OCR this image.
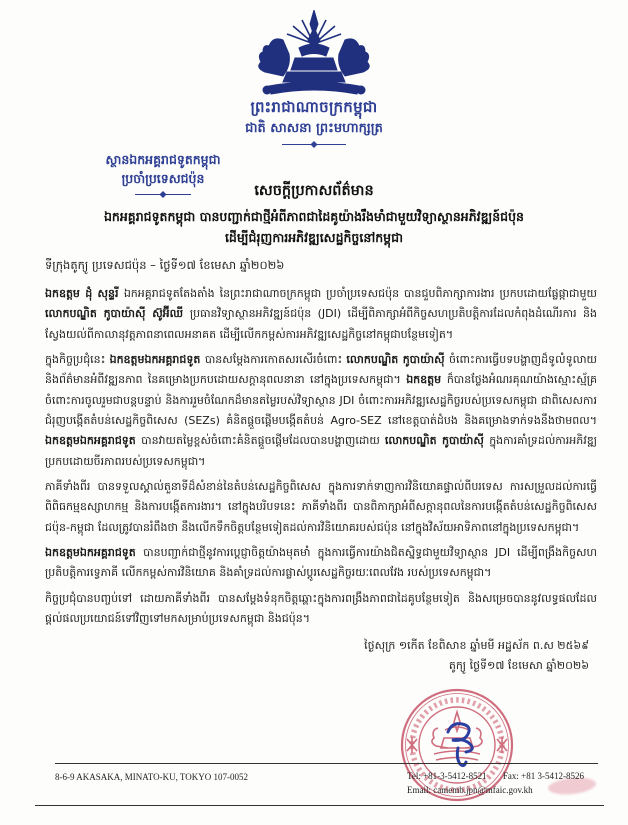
ព្រះរាជាណាចក្រកម្ពុជា
ជាតិ សាសនា ព្រះមហាក្សត្រ
ស្ថានឯកអគ្គរាជទូតកម្ពុជា
ប្រចាំប្រទេសជប៉ុន
សេចក្តីប្រកាសព័ត៌មាន
ឯកអគ្គរាជទូតកម្ពុជា បានបញ្ជាក់ជាថ្មីអំពីភាពជាដៃគូយ៉ាងរឹងមាំជាមួយវិទ្យាស្ថានអភិវឌ្ឍន៍ជប៉ុន
ដើម្បីជំរុញការអភិវឌ្ឍសេដ្ឋកិច្ចនៅកម្ពុជា
ទីក្រុងតូក្យូ ប្រទេសជប៉ុន – ថ្ងៃទី១៧ ខែមេសា ឆ្នាំ២០២៦

ឯកឧត្តម ដុំ សុន្ទរី ឯកអគ្គរាជទូតតែងតាំង នៃព្រះរាជាណាចក្រកម្ពុជា ប្រចាំប្រទេសជប៉ុន បានជួបពិភាក្សាការងារ ប្រកបដោយផ្លែផ្កាជាមួយ លោកបណ្ឌិត កូបាយ៉ាស៊ី ស៊ូអ៊ីឈី ប្រធានវិទ្យាស្ថានអភិវឌ្ឍន៍ជប៉ុន (JDI) ដើម្បីពិភាក្សាអំពីកិច្ចសហប្រតិបត្តិការដែលកំពុងដំណើរការ និងស្វែងយល់ពីកាលានុវត្តភាពនាពេលអនាគត ដើម្បីលើកកម្ពស់ការអភិវឌ្ឍសេដ្ឋកិច្ចនៅកម្ពុជាបន្ថែមទៀត។

ក្នុងកិច្ចប្រជុំនេះ ឯកឧត្តមឯកអគ្គរាជទូត បានសម្តែងការកោតសរសើរចំពោះ លោកបណ្ឌិត កូបាយ៉ាស៊ី ចំពោះការធ្វើបទបង្ហាញដ៏ទូលំទូលាយ និងព័ត៌មានអំពីវឌ្ឍនភាព នៃគម្រោងប្រកបដោយសក្តានុពលនានា នៅក្នុងប្រទេសកម្ពុជា។ ឯកឧត្តម ក៏បានថ្លែងអំណរគុណយ៉ាងស្មោះស្ម័គ្រចំពោះការចូលរួមជាបន្តបន្ទាប់ និងការរួមចំណែកដ៏មានតម្លៃរបស់វិទ្យាស្ថាន JDI ចំពោះការអភិវឌ្ឍសេដ្ឋកិច្ចរបស់ប្រទេសកម្ពុជា ជាពិសេសការជំរុញបង្កើតតំបន់សេដ្ឋកិច្ចពិសេស (SEZs) គំនិតផ្តួចផ្តើមបង្កើតតំបន់ Agro-SEZ នៅខេត្តបាត់ដំបង និងគម្រោងទាក់ទងនឹងថាមពល។ ឯកឧត្តមឯកអគ្គរាជទូត បានវាយតម្លៃខ្ពស់ចំពោះគំនិតផ្តួចផ្តើមដែលបានបង្ហាញដោយ លោកបណ្ឌិត កូបាយ៉ាស៊ី ក្នុងការគាំទ្រដល់ការអភិវឌ្ឍប្រកបដោយចីរភាពរបស់ប្រទេសកម្ពុជា។

ភាគីទាំងពីរ បានទទួលស្គាល់តួនាទីដ៏សំខាន់នៃតំបន់សេដ្ឋកិច្ចពិសេស ក្នុងការទាក់ទាញការវិនិយោគផ្ទាល់ពីបរទេស ការសម្រួលដល់ការធ្វើពិពិធកម្មឧស្សាហកម្ម និងការបង្កើតការងារ។ នៅក្នុងបរិបទនេះ ភាគីទាំងពីរ បានពិភាក្សាអំពីសក្តានុពលនៃការបង្កើតតំបន់សេដ្ឋកិច្ចពិសេសជប៉ុន-កម្ពុជា ដែលត្រូវបានរំពឹងថា នឹងលើកទឹកចិត្តបន្ថែមទៀតដល់ការវិនិយោគរបស់ជប៉ុន នៅក្នុងវិស័យអាទិភាពនៅក្នុងប្រទេសកម្ពុជា។

ឯកឧត្តមឯកអគ្គរាជទូត បានបញ្ជាក់ជាថ្មីនូវការប្តេជ្ញាចិត្តយ៉ាងមុតមាំ ក្នុងការធ្វើការយ៉ាងជិតស្និទ្ធជាមួយវិទ្យាស្ថាន JDI ដើម្បីពង្រឹងកិច្ចសហប្រតិបត្តិការទ្វេភាគី លើកកម្ពស់ការវិនិយោគ និងគាំទ្រដល់ការផ្លាស់ប្តូរសេដ្ឋកិច្ចរយៈពេលវែង របស់ប្រទេសកម្ពុជា។

កិច្ចប្រជុំបានបញ្ចប់ទៅ ដោយភាគីទាំងពីរ បានសម្តែងទំនុកចិត្តឆ្ពោះក្នុងការពង្រឹងភាពជាដៃគូបន្ថែមទៀត និងសម្រេចបាននូវលទ្ធផលដែលផ្តល់ផលប្រយោជន៍ទៅវិញទៅមកសម្រាប់ប្រទេសកម្ពុជា និងជប៉ុន។

ថ្ងៃសុក្រ ១កើត ខែពិសាខ ឆ្នាំមមី អដ្ឋស័ក ព.ស ២៥៦៩
តូក្យូ ថ្ងៃទី១៧ ខែមេសា ឆ្នាំ២០២៦
8-6-9 AKASAKA, MINATO-KU, TOKYO 107-0052	Tel: +81-3-5412-8521 Fax: +81 3-5412-8526
Email: camemb.jpn@mfaic.gov.kh
